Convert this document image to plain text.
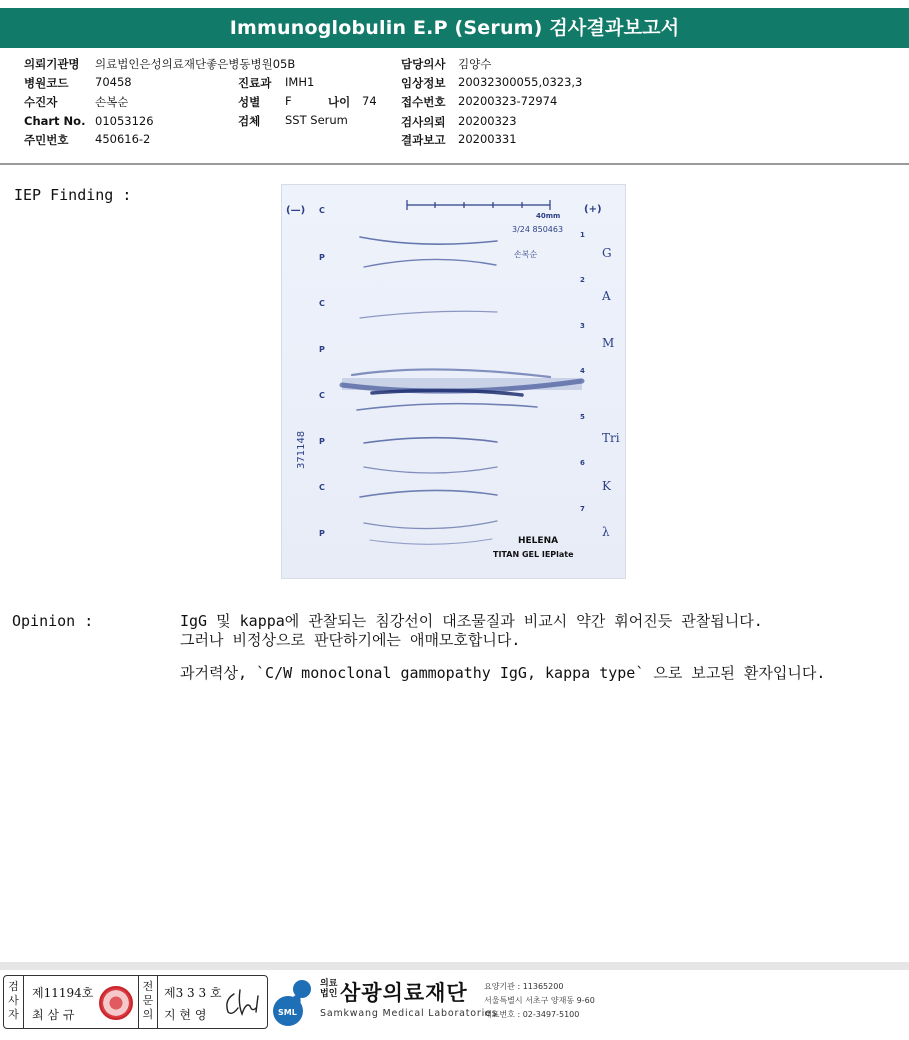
Immunoglobulin E.P (Serum) 검사결과보고서
의뢰기관명 의료법인은성의료재단좋은병동병원05B
병원코드 70458
수진자	손복순
Chart No. 01053126
주민번호 450616-2
진료과 IMH1
성별 F	나이 74
검체 SST Serum
담당의사 김양수
임상정보 20032300055,0323,3
접수번호 20200323-72974
검사의뢰 20200323
결과보고 20200331
IEP Finding :
(—)	(+)
40mm
3/24 850463
손복순
371148
C
P
C
P
C
P
C
P
1
2
3
4
5
6
7
G
A
M
Tri
K
λ
HELENA
TITAN GEL IEPlate
Opinion :	IgG 및 kappa에 관찰되는 침강선이 대조물질과 비교시 약간 휘어진듯 관찰됩니다.
그러나 비정상으로 판단하기에는 애매모호합니다.
과거력상, `C/W monoclonal gammopathy IgG, kappa type` 으로 보고된 환자입니다.
검사자
제11194호
최 삼 규
전문의
제3 3 3 호
지 현 영	SML
의료
법인 삼광의료재단
Samkwang Medical Laboratories
요양기관 : 11365200
서울특별시 서초구 양재동 9-60
대표번호 : 02-3497-5100
